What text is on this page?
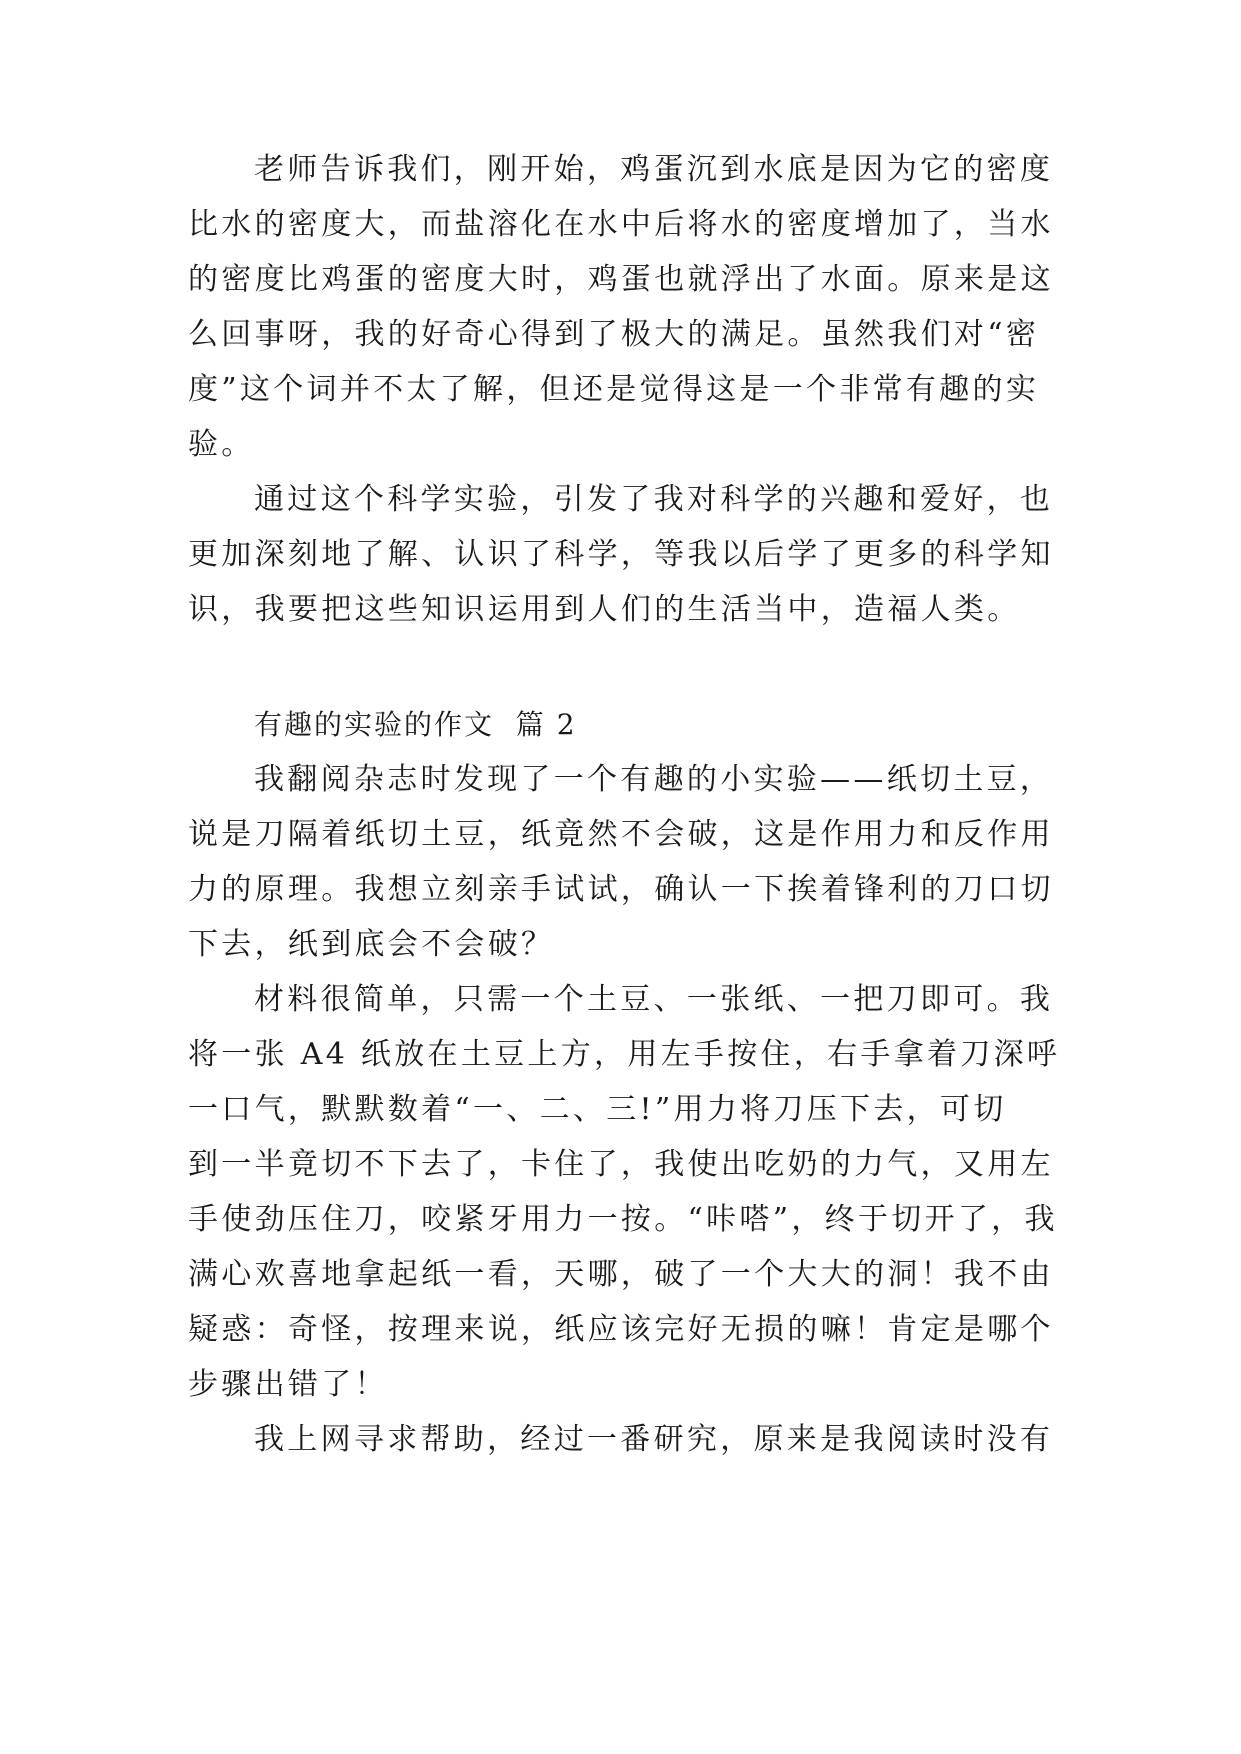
老师告诉我们，刚开始，鸡蛋沉到水底是因为它的密度
比水的密度大，而盐溶化在水中后将水的密度增加了，当水
的密度比鸡蛋的密度大时，鸡蛋也就浮出了水面。原来是这
么回事呀，我的好奇心得到了极大的满足。虽然我们对“密
度”这个词并不太了解，但还是觉得这是一个非常有趣的实
验。
通过这个科学实验，引发了我对科学的兴趣和爱好，也
更加深刻地了解、认识了科学，等我以后学了更多的科学知
识，我要把这些知识运用到人们的生活当中，造福人类。
有趣的实验的作文  篇 2
我翻阅杂志时发现了一个有趣的小实验——纸切土豆，
说是刀隔着纸切土豆，纸竟然不会破，这是作用力和反作用
力的原理。我想立刻亲手试试，确认一下挨着锋利的刀口切
下去，纸到底会不会破？
材料很简单，只需一个土豆、一张纸、一把刀即可。我
将一张 A4 纸放在土豆上方，用左手按住，右手拿着刀深呼
一口气，默默数着“一、二、三!”用力将刀压下去，可切
到一半竟切不下去了，卡住了，我使出吃奶的力气，又用左
手使劲压住刀，咬紧牙用力一按。“咔嗒”，终于切开了，我
满心欢喜地拿起纸一看，天哪，破了一个大大的洞！我不由
疑惑：奇怪，按理来说，纸应该完好无损的嘛！肯定是哪个
步骤出错了！
我上网寻求帮助，经过一番研究，原来是我阅读时没有
